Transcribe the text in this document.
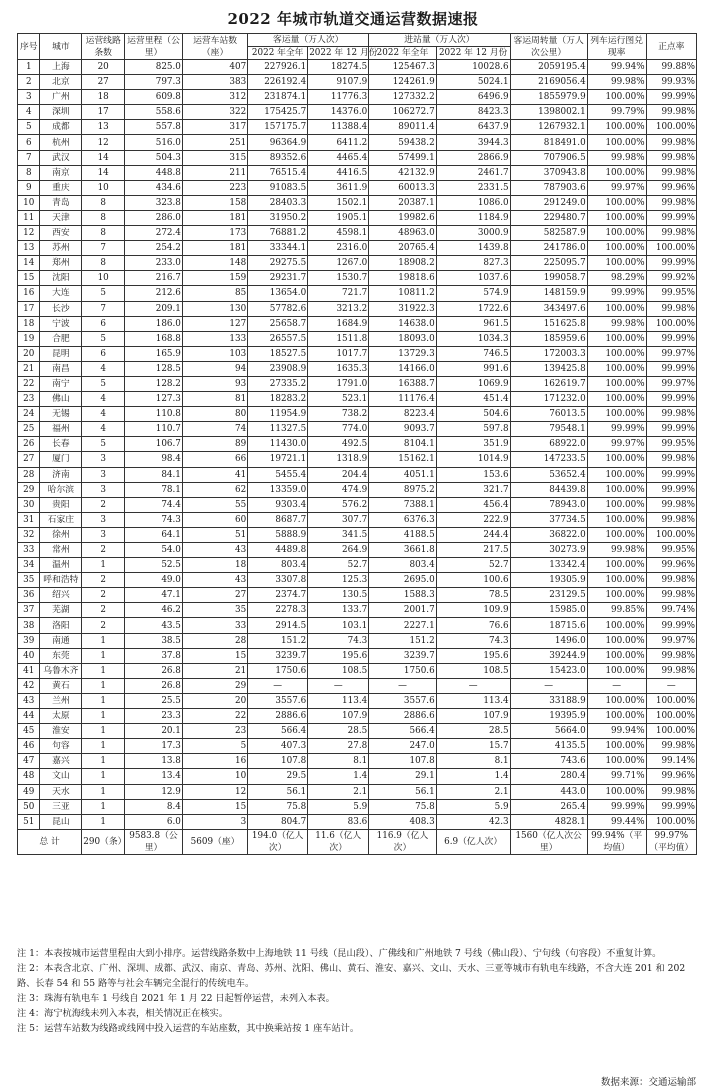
2022 年城市轨道交通运营数据速报
序号	城市	运营线路条数	运营里程（公里）	运营车站数（座）	客运量（万人次）		进站量（万人次）		客运周转量（万人次公里）	列车运行图兑现率	正点率
					2022 年全年	2022 年 12 月份	2022 年全年	2022 年 12 月份			
1	上海	20	825.0	407	227926.1	18274.5	125467.3	10028.6	2059195.4	99.94%	99.88%
2	北京	27	797.3	383	226192.4	9107.9	124261.9	5024.1	2169056.4	99.98%	99.93%
3	广州	18	609.8	312	231874.1	11776.3	127332.2	6496.9	1855979.9	100.00%	99.99%
4	深圳	17	558.6	322	175425.7	14376.0	106272.7	8423.3	1398002.1	99.79%	99.98%
5	成都	13	557.8	317	157175.7	11388.4	89011.4	6437.9	1267932.1	100.00%	100.00%
6	杭州	12	516.0	251	96364.9	6411.2	59438.2	3944.3	818491.0	100.00%	99.98%
7	武汉	14	504.3	315	89352.6	4465.4	57499.1	2866.9	707906.5	99.98%	99.98%
8	南京	14	448.8	211	76515.4	4416.5	42132.9	2461.7	370943.8	100.00%	99.98%
9	重庆	10	434.6	223	91083.5	3611.9	60013.3	2331.5	787903.6	99.97%	99.96%
10	青岛	8	323.8	158	28403.3	1502.1	20387.1	1086.0	291249.0	100.00%	99.98%
11	天津	8	286.0	181	31950.2	1905.1	19982.6	1184.9	229480.7	100.00%	99.99%
12	西安	8	272.4	173	76881.2	4598.1	48963.0	3000.9	582587.9	100.00%	99.98%
13	苏州	7	254.2	181	33344.1	2316.0	20765.4	1439.8	241786.0	100.00%	100.00%
14	郑州	8	233.0	148	29275.5	1267.0	18908.2	827.3	225095.7	100.00%	99.99%
15	沈阳	10	216.7	159	29231.7	1530.7	19818.6	1037.6	199058.7	98.29%	99.92%
16	大连	5	212.6	85	13654.0	721.7	10811.2	574.9	148159.9	99.99%	99.95%
17	长沙	7	209.1	130	57782.6	3213.2	31922.3	1722.6	343497.6	100.00%	99.98%
18	宁波	6	186.0	127	25658.7	1684.9	14638.0	961.5	151625.8	99.98%	100.00%
19	合肥	5	168.8	133	26557.5	1511.8	18093.0	1034.3	185959.6	100.00%	99.99%
20	昆明	6	165.9	103	18527.5	1017.7	13729.3	746.5	172003.3	100.00%	99.97%
21	南昌	4	128.5	94	23908.9	1635.3	14166.0	991.6	139425.8	100.00%	99.99%
22	南宁	5	128.2	93	27335.2	1791.0	16388.7	1069.9	162619.7	100.00%	99.97%
23	佛山	4	127.3	81	18283.2	523.1	11176.4	451.4	171232.0	100.00%	99.99%
24	无锡	4	110.8	80	11954.9	738.2	8223.4	504.6	76013.5	100.00%	99.98%
25	福州	4	110.7	74	11327.5	774.0	9093.7	597.8	79548.1	99.99%	99.99%
26	长春	5	106.7	89	11430.0	492.5	8104.1	351.9	68922.0	99.97%	99.95%
27	厦门	3	98.4	66	19721.1	1318.9	15162.1	1014.9	147233.5	100.00%	99.98%
28	济南	3	84.1	41	5455.4	204.4	4051.1	153.6	53652.4	100.00%	99.99%
29	哈尔滨	3	78.1	62	13359.0	474.9	8975.2	321.7	84439.8	100.00%	99.99%
30	贵阳	2	74.4	55	9303.4	576.2	7388.1	456.4	78943.0	100.00%	99.98%
31	石家庄	3	74.3	60	8687.7	307.7	6376.3	222.9	37734.5	100.00%	99.98%
32	徐州	3	64.1	51	5888.9	341.5	4188.5	244.4	36822.0	100.00%	100.00%
33	常州	2	54.0	43	4489.8	264.9	3661.8	217.5	30273.9	99.98%	99.95%
34	温州	1	52.5	18	803.4	52.7	803.4	52.7	13342.4	100.00%	99.96%
35	呼和浩特	2	49.0	43	3307.8	125.3	2695.0	100.6	19305.9	100.00%	99.98%
36	绍兴	2	47.1	27	2374.7	130.5	1588.3	78.5	23129.5	100.00%	99.98%
37	芜湖	2	46.2	35	2278.3	133.7	2001.7	109.9	15985.0	99.85%	99.74%
38	洛阳	2	43.5	33	2914.5	103.1	2227.1	76.6	18715.6	100.00%	99.99%
39	南通	1	38.5	28	151.2	74.3	151.2	74.3	1496.0	100.00%	99.97%
40	东莞	1	37.8	15	3239.7	195.6	3239.7	195.6	39244.9	100.00%	99.98%
41	乌鲁木齐	1	26.8	21	1750.6	108.5	1750.6	108.5	15423.0	100.00%	99.98%
42	黄石	1	26.8	29	—	—	—	—	—	—	—
43	兰州	1	25.5	20	3557.6	113.4	3557.6	113.4	33188.9	100.00%	100.00%
44	太原	1	23.3	22	2886.6	107.9	2886.6	107.9	19395.9	100.00%	100.00%
45	淮安	1	20.1	23	566.4	28.5	566.4	28.5	5664.0	99.94%	100.00%
46	句容	1	17.3	5	407.3	27.8	247.0	15.7	4135.5	100.00%	99.98%
47	嘉兴	1	13.8	16	107.8	8.1	107.8	8.1	743.6	100.00%	99.14%
48	文山	1	13.4	10	29.5	1.4	29.1	1.4	280.4	99.71%	99.96%
49	天水	1	12.9	12	56.1	2.1	56.1	2.1	443.0	100.00%	99.98%
50	三亚	1	8.4	15	75.8	5.9	75.8	5.9	265.4	99.99%	99.99%
51	昆山	1	6.0	3	804.7	83.6	408.3	42.3	4828.1	99.44%	100.00%
总 计		290（条）	9583.8（公里）	5609（座）	194.0（亿人次）	11.6（亿人次）	116.9（亿人次）	6.9（亿人次）	1560（亿人次公里）	99.94%（平均值）	99.97%（平均值）
注 1：本表按城市运营里程由大到小排序。运营线路条数中上海地铁 11 号线（昆山段）、广佛线和广州地铁 7 号线（佛山段）、宁句线（句容段）不重复计算。
注 2：本表含北京、广州、深圳、成都、武汉、南京、青岛、苏州、沈阳、佛山、黄石、淮安、嘉兴、文山、天水、三亚等城市有轨电车线路，不含大连 201 和 202 路、长春 54 和 55 路等与社会车辆完全混行的传统电车。
注 3：珠海有轨电车 1 号线自 2021 年 1 月 22 日起暂停运营，未列入本表。
注 4：海宁杭海线未列入本表，相关情况正在核实。
注 5：运营车站数为线路或线网中投入运营的车站座数，其中换乘站按 1 座车站计。
数据来源：交通运输部
